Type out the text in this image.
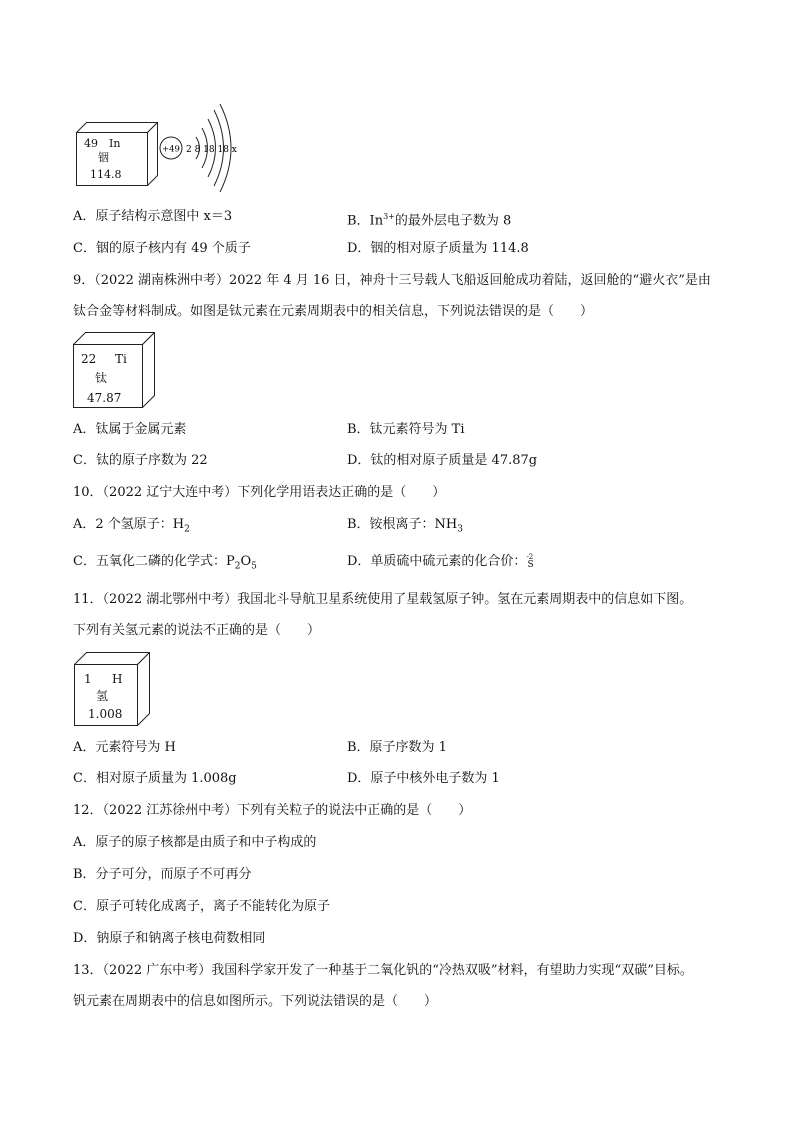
49 In
铟
114.8
+49 2 8 18 18 x
A．原子结构示意图中 x＝3	B．$In^{3+}$的最外层电子数为 8
C．铟的原子核内有 49 个质子	D．铟的相对原子质量为 114.8
9．（2022 湖南株洲中考）2022 年 4 月 16 日，神舟十三号载人飞船返回舱成功着陆，返回舱的“避火衣”是由
钛合金等材料制成。如图是钛元素在元素周期表中的相关信息，下列说法错误的是（　　）
22 Ti
钛
47.87
A．钛属于金属元素	B．钛元素符号为 Ti
C．钛的原子序数为 22	D．钛的相对原子质量是 47.87g
10．（2022 辽宁大连中考）下列化学用语表达正确的是（　　）
A．2 个氢原子：$H_2$	B．铵根离子：$NH_3$
C．五氧化二磷的化学式：$P_2O_5$	D．单质硫中硫元素的化合价： -2
S
11．（2022 湖北鄂州中考）我国北斗导航卫星系统使用了星载氢原子钟。氢在元素周期表中的信息如下图。
下列有关氢元素的说法不正确的是（　　）
1 H
氢
1.008
A．元素符号为 H	B．原子序数为 1
C．相对原子质量为 1.008g	D．原子中核外电子数为 1
12．（2022 江苏徐州中考）下列有关粒子的说法中正确的是（　　）
A．原子的原子核都是由质子和中子构成的
B．分子可分，而原子不可再分
C．原子可转化成离子，离子不能转化为原子
D．钠原子和钠离子核电荷数相同
13．（2022 广东中考）我国科学家开发了一种基于二氧化钒的“冷热双吸”材料，有望助力实现“双碳”目标。
钒元素在周期表中的信息如图所示。下列说法错误的是（　　）
